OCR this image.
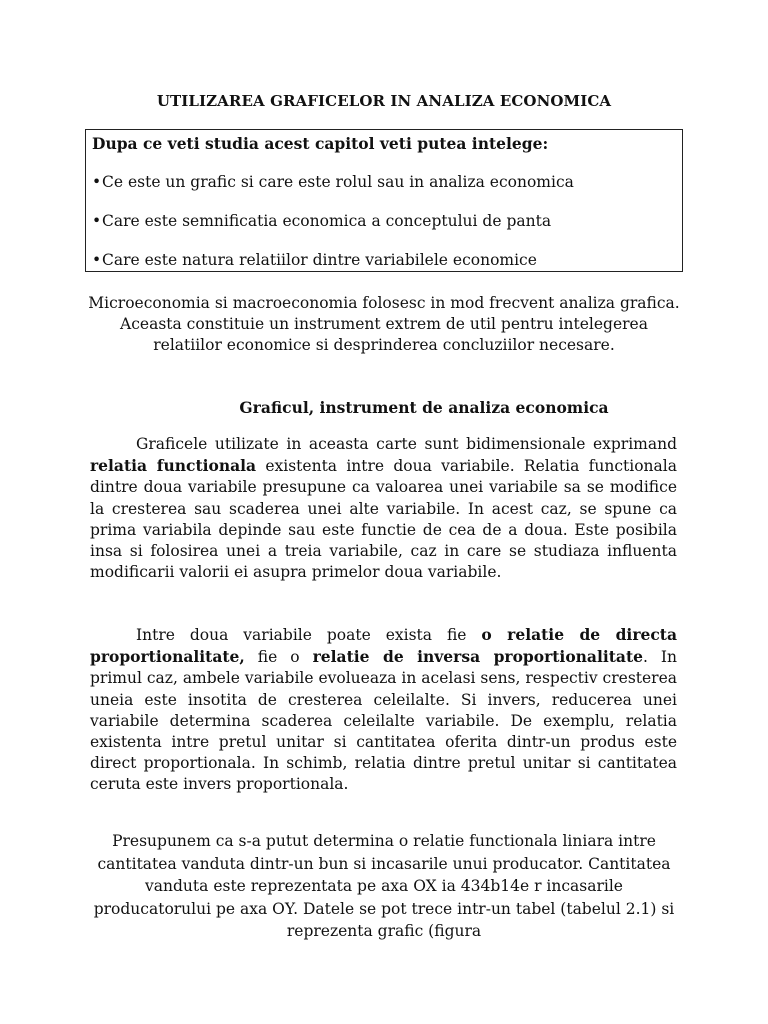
UTILIZAREA GRAFICELOR IN ANALIZA ECONOMICA
Dupa ce veti studia acest capitol veti putea intelege:
•Ce este un grafic si care este rolul sau in analiza economica
•Care este semnificatia economica a conceptului de panta
•Care este natura relatiilor dintre variabilele economice
Microeconomia si macroeconomia folosesc in mod frecvent analiza grafica. Aceasta constituie un instrument extrem de util pentru intelegerea relatiilor economice si desprinderea concluziilor necesare.
Graficul, instrument de analiza economica
Graficele utilizate in aceasta carte sunt bidimensionale exprimand relatia functionala existenta intre doua variabile. Relatia functionala dintre doua variabile presupune ca valoarea unei variabile sa se modifice la cresterea sau scaderea unei alte variabile. In acest caz, se spune ca prima variabila depinde sau este functie de cea de a doua. Este posibila insa si folosirea unei a treia variabile, caz in care se studiaza influenta modificarii valorii ei asupra primelor doua variabile.
Intre doua variabile poate exista fie o relatie de directa proportionalitate, fie o relatie de inversa proportionalitate. In primul caz, ambele variabile evolueaza in acelasi sens, respectiv cresterea uneia este insotita de cresterea celeilalte. Si invers, reducerea unei variabile determina scaderea celeilalte variabile. De exemplu, relatia existenta intre pretul unitar si cantitatea oferita dintr-un produs este direct proportionala. In schimb, relatia dintre pretul unitar si cantitatea ceruta este invers proportionala.
Presupunem ca s-a putut determina o relatie functionala liniara intre cantitatea vanduta dintr-un bun si incasarile unui producator. Cantitatea vanduta este reprezentata pe axa OX ia 434b14e r incasarile producatorului pe axa OY. Datele se pot trece intr-un tabel (tabelul 2.1) si reprezenta grafic (figura
